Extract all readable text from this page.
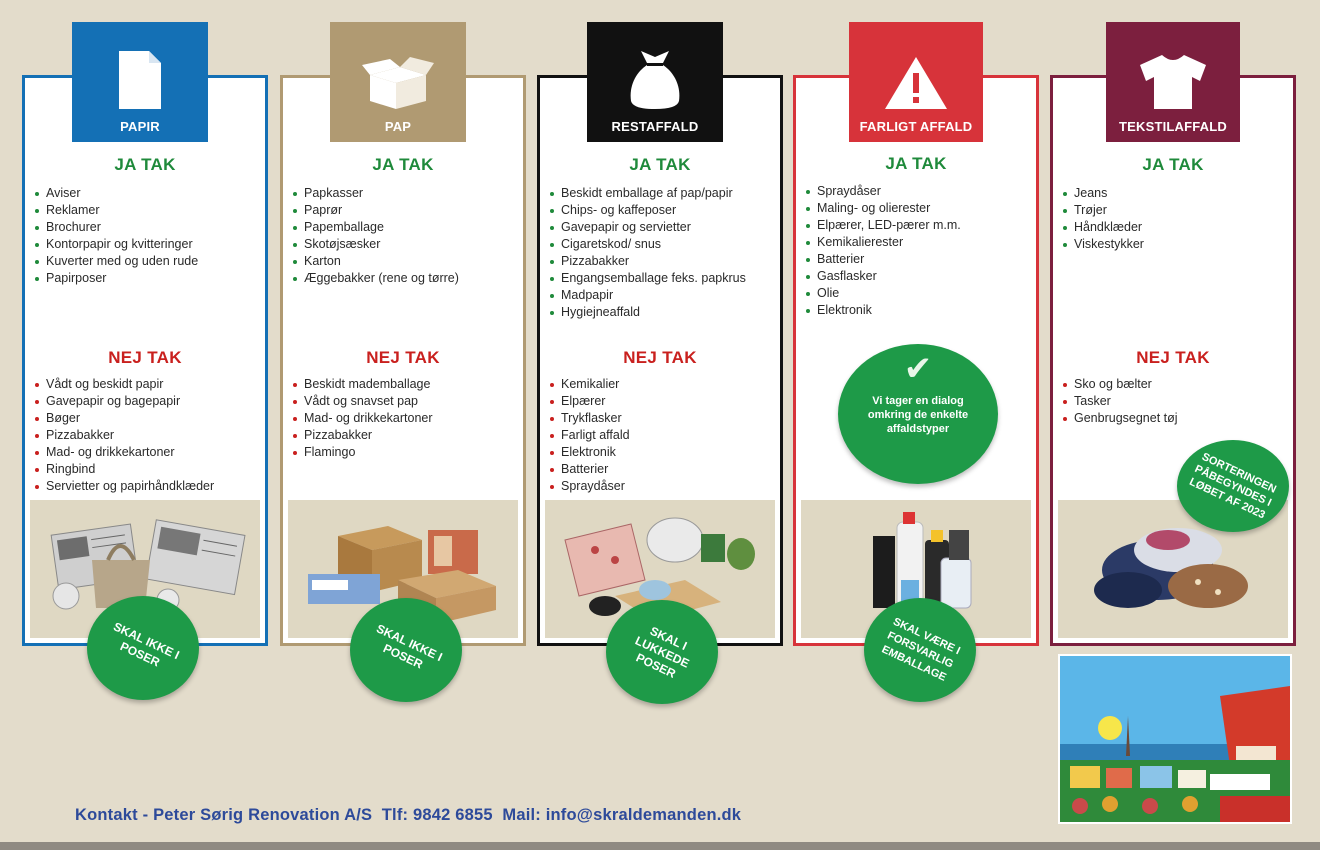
PAPIR
JA TAK
Aviser
Reklamer
Brochurer
Kontorpapir og kvitteringer
Kuverter med og uden rude
Papirposer
NEJ TAK
Vådt og beskidt papir
Gavepapir og bagepapir
Bøger
Pizzabakker
Mad- og drikkekartoner
Ringbind
Servietter og papirhåndklæder
SKAL IKKE I POSER
PAP
JA TAK
Papkasser
Paprør
Papemballage
Skotøjsæsker
Karton
Æggebakker (rene og tørre)
NEJ TAK
Beskidt mademballage
Vådt og snavset pap
Mad- og drikkekartoner
Pizzabakker
Flamingo
SKAL IKKE I POSER
RESTAFFALD
JA TAK
Beskidt emballage af pap/papir
Chips- og kaffeposer
Gavepapir og servietter
Cigaretskod/ snus
Pizzabakker
Engangsemballage feks. papkrus
Madpapir
Hygiejneaffald
NEJ TAK
Kemikalier
Elpærer
Trykflasker
Farligt affald
Elektronik
Batterier
Spraydåser
SKAL I LUKKEDE POSER
FARLIGT AFFALD
JA TAK
Spraydåser
Maling- og olierester
Elpærer, LED-pærer m.m.
Kemikalierester
Batterier
Gasflasker
Olie
Elektronik
✔
Vi tager en dialog omkring de enkelte affaldstyper
SKAL VÆRE I FORSVARLIG EMBALLAGE
TEKSTILAFFALD
JA TAK
Jeans
Trøjer
Håndklæder
Viskestykker
NEJ TAK
Sko og bælter
Tasker
Genbrugsegnet tøj
SORTERINGEN PÅBEGYNDES I LØBET AF 2023
Kontakt - Peter Sørig Renovation A/S  Tlf: 9842 6855  Mail: info@skraldemanden.dk
